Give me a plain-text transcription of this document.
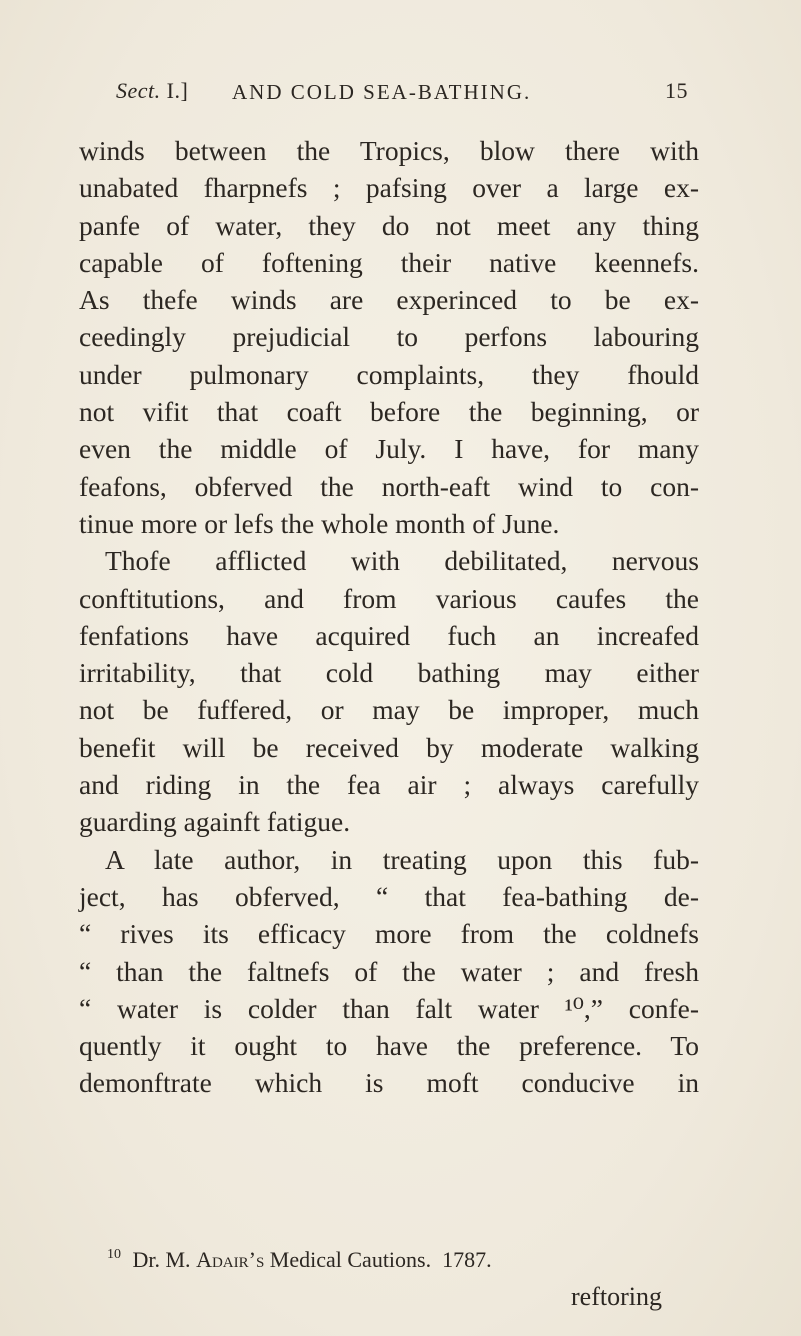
Sect. I.] AND COLD SEA-BATHING.	15
winds between the Tropics, blow there with
unabated fharpnefs ; pafsing over a large ex-
panfe of water, they do not meet any thing
capable of foftening their native keennefs.
As thefe winds are experinced to be ex-
ceedingly prejudicial to perfons labouring
under pulmonary complaints, they fhould
not vifit that coaft before the beginning, or
even the middle of July. I have, for many
feafons, obferved the north-eaft wind to con-
tinue more or lefs the whole month of June.
Thofe afflicted with debilitated, nervous
conftitutions, and from various caufes the
fenfations have acquired fuch an increafed
irritability, that cold bathing may either
not be fuffered, or may be improper, much
benefit will be received by moderate walking
and riding in the fea air ; always carefully
guarding againft fatigue.
A late author, in treating upon this fub-
ject, has obferved, “ that fea-bathing de-
“ rives its efficacy more from the coldnefs
“ than the faltnefs of the water ; and fresh
“ water is colder than falt water ¹⁰,” confe-
quently it ought to have the preference. To
demonftrate which is moft conducive in
$^{10}$ Dr. M. Adair’s Medical Cautions. 1787.
reftoring
